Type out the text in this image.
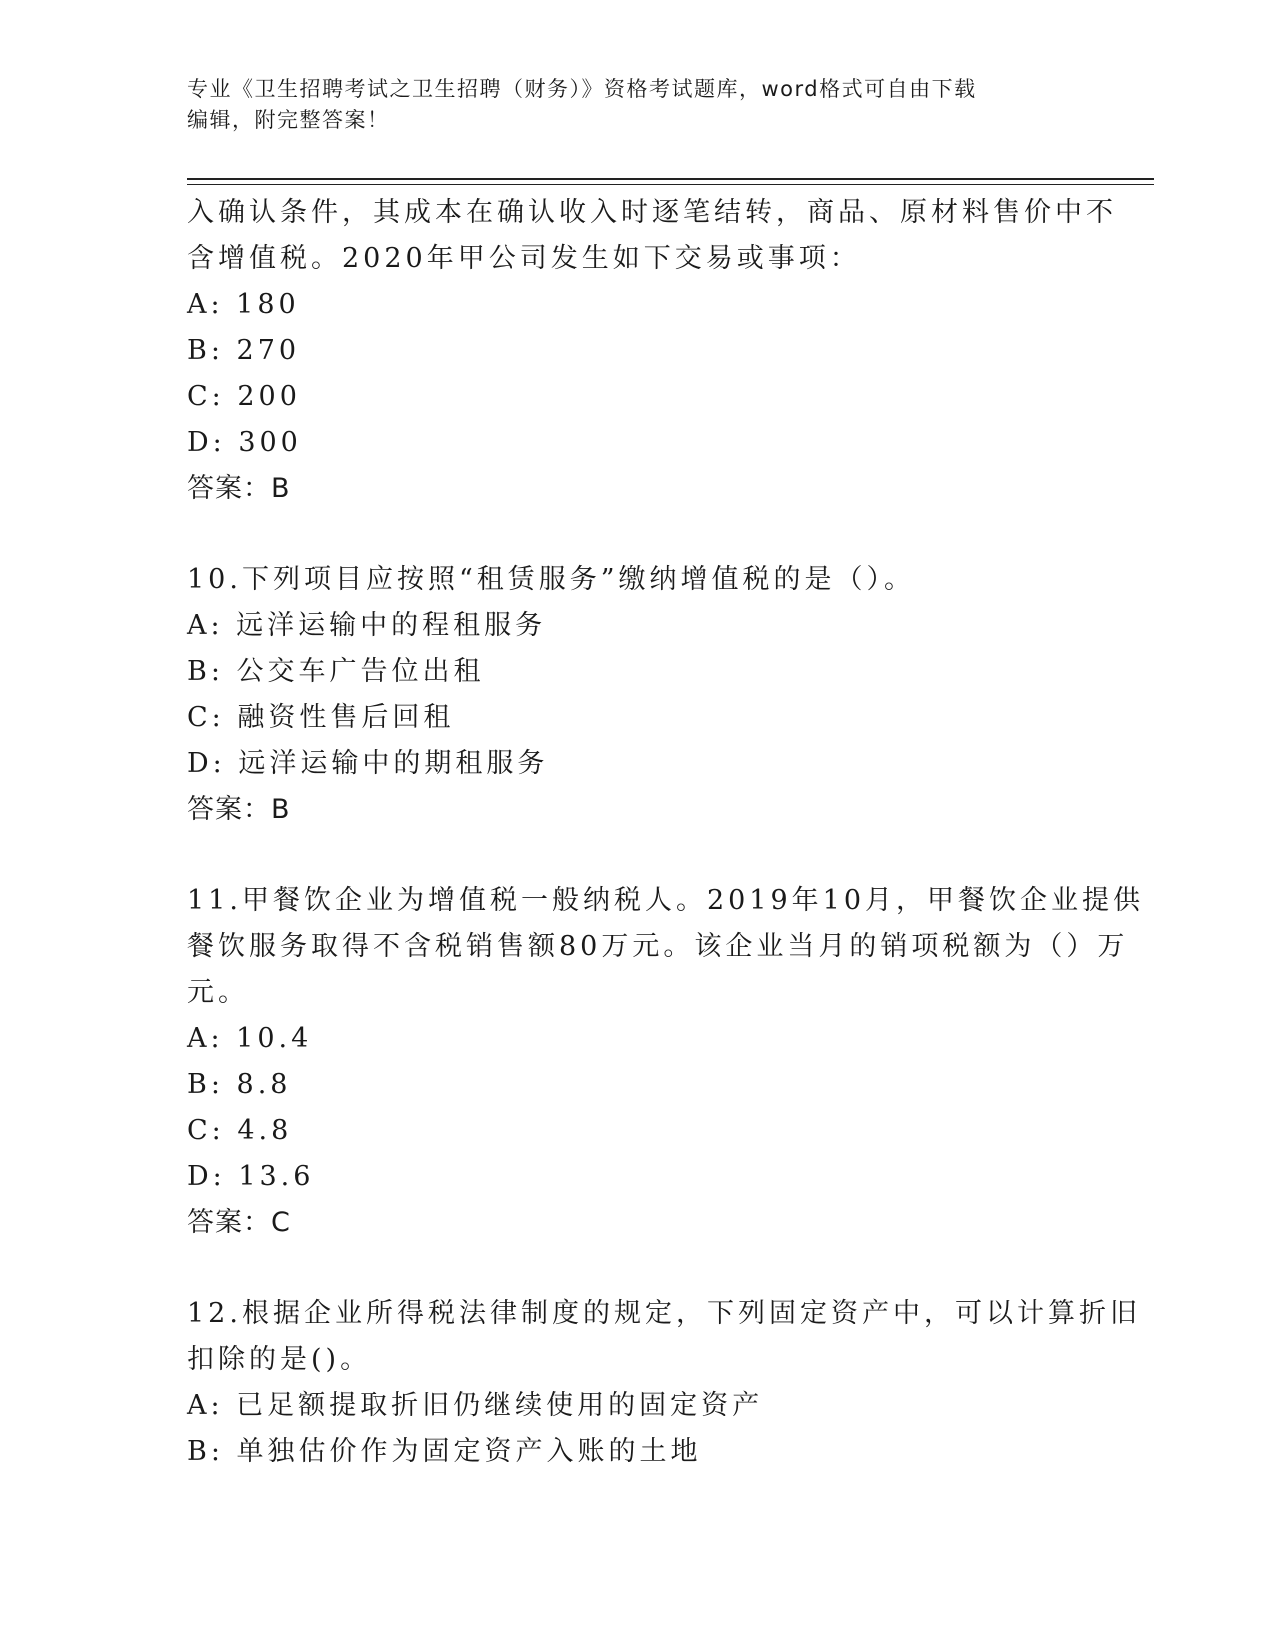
专业《卫生招聘考试之卫生招聘（财务）》资格考试题库，word格式可自由下载
编辑，附完整答案！
入确认条件，其成本在确认收入时逐笔结转，商品、原材料售价中不
含增值税。2020年甲公司发生如下交易或事项：
A: 180
B: 270
C: 200
D: 300
答案：B
10.下列项目应按照“租赁服务”缴纳增值税的是（）。
A: 远洋运输中的程租服务
B: 公交车广告位出租
C: 融资性售后回租
D: 远洋运输中的期租服务
答案：B
11.甲餐饮企业为增值税一般纳税人。2019年10月，甲餐饮企业提供
餐饮服务取得不含税销售额80万元。该企业当月的销项税额为（）万
元。
A: 10.4
B: 8.8
C: 4.8
D: 13.6
答案：C
12.根据企业所得税法律制度的规定，下列固定资产中，可以计算折旧
扣除的是()。
A: 已足额提取折旧仍继续使用的固定资产
B: 单独估价作为固定资产入账的土地
